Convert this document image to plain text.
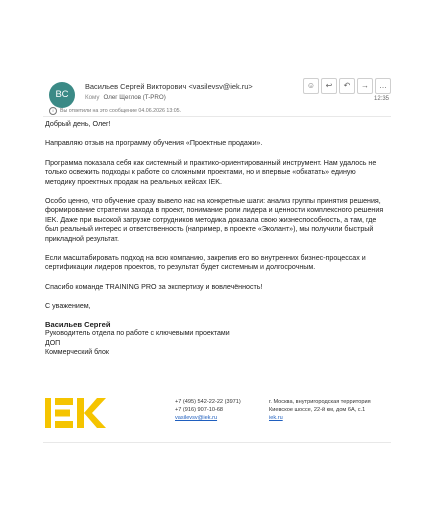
ВС
Васильев Сергей Викторович <vasilevsv@iek.ru>
Кому Олег Щеглов (T-PRO)
☺	↩	↶	→	…
12:35
i	Вы ответили на это сообщение 04.06.2026 13:05.

Добрый день, Олег!

Направляю отзыв на программу обучения «Проектные продажи».

Программа показала себя как системный и практико-ориентированный инструмент. Нам удалось не только освежить подходы к работе со сложными проектами, но и впервые «обкатать» единую методику проектных продаж на реальных кейсах IEK.

Особо ценно, что обучение сразу вывело нас на конкретные шаги: анализ группы принятия решения, формирование стратегии захода в проект, понимание роли лидера и ценности комплексного решения IEK. Даже при высокой загрузке сотрудников методика доказала свою жизнеспособность, а там, где был реальный интерес и ответственность (например, в проекте «Эколант»), мы получили быстрый прикладной результат.

Если масштабировать подход на всю компанию, закрепив его во внутренних бизнес-процессах и сертификации лидеров проектов, то результат будет системным и долгосрочным.

Спасибо команде TRAINING PRO за экспертизу и вовлечённость!

С уважением,

Васильев Сергей
Руководитель отдела по работе с ключевыми проектами
ДОП
Коммерческий блок
+7 (495) 542-22-22 (3971)
+7 (916) 907-10-68
vasilevsv@iek.ru
г. Москва, внутригородская территория
Киевское шоссе, 22-й км, дом 6А, с.1
iek.ru
